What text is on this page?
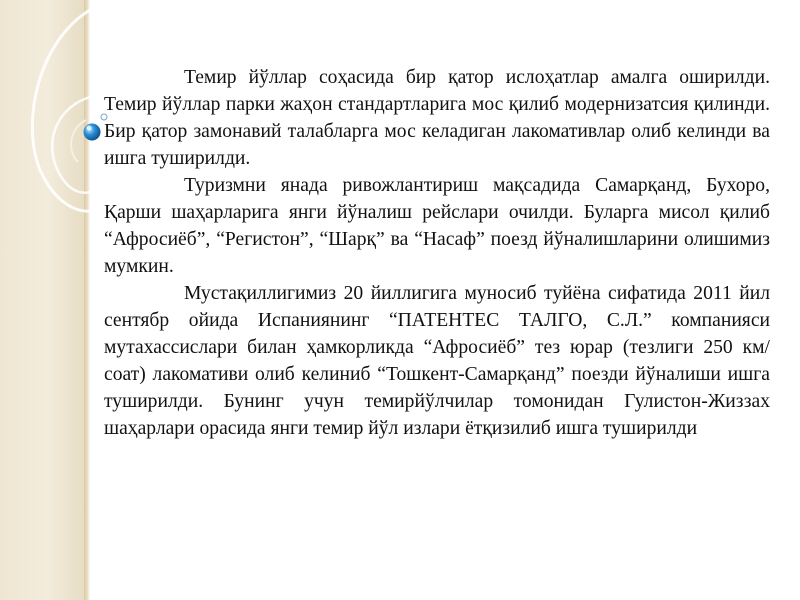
Темир йўллар соҳасида бир қатор ислоҳатлар амалга оширилди. Темир йўллар парки жаҳон стандартларига мос қилиб модернизатсия қилинди. Бир қатор замонавий талабларга мос келадиган лакомативлар олиб келинди ва ишга туширилди.

Туризмни янада ривожлантириш мақсадида Самарқанд, Бухоро, Қарши шаҳарларига янги йўналиш рейслари очилди. Буларга мисол қилиб “Афросиёб”, “Регистон”, “Шарқ” ва “Насаф” поезд йўналишларини олишимиз мумкин.

Мустақиллигимиз 20 йиллигига муносиб туйёна сифатида 2011 йил сентябр ойида Испаниянинг “ПАТЕНТЕС ТАЛГО, С.Л.” компанияси мутахассислари билан ҳамкорликда “Афросиёб” тез юрар (тезлиги 250 км/соат) лакомативи олиб келиниб “Тошкент-Самарқанд” поезди йўналиши ишга туширилди. Бунинг учун темирйўлчилар томонидан Гулистон-Жиззах шаҳарлари орасида янги темир йўл излари ётқизилиб ишга туширилди
